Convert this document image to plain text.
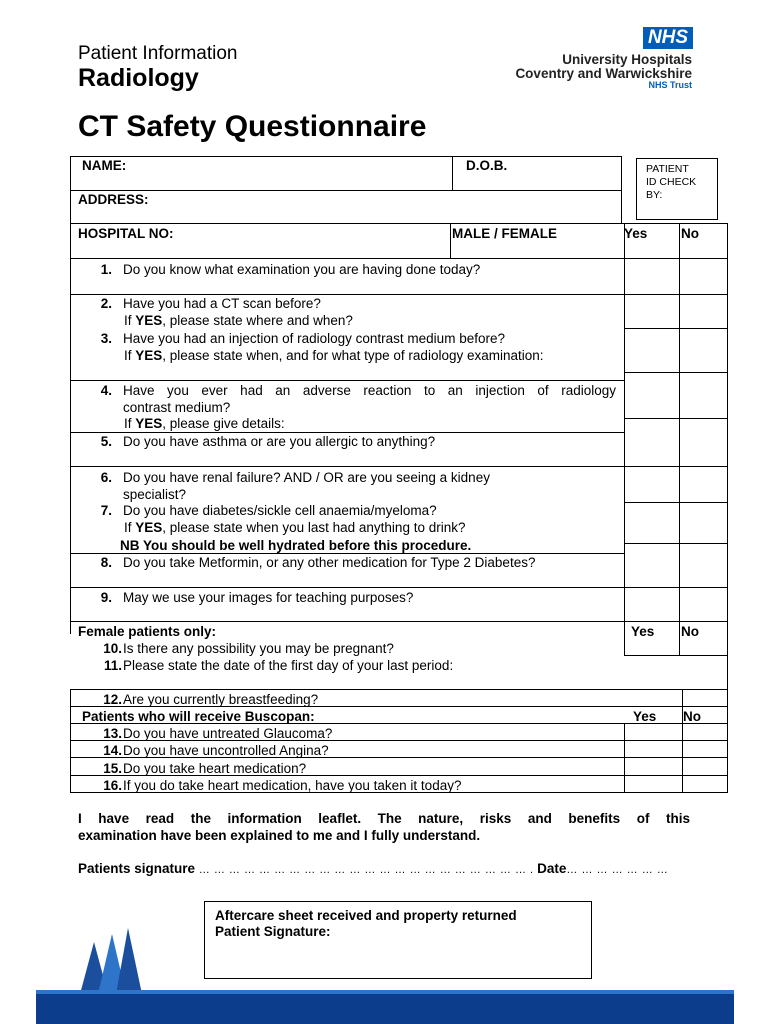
Patient Information
Radiology
CT Safety Questionnaire
NHS
University Hospitals
Coventry and Warwickshire
NHS Trust
PATIENT
ID CHECK
BY:
NAME:	D.O.B.
ADDRESS:
HOSPITAL NO:	MALE / FEMALE	Yes No
1. Do you know what examination you are having done today?
2. Have you had a CT scan before?
If YES, please state where and when?
3. Have you had an injection of radiology contrast medium before?
If YES, please state when, and for what type of radiology examination:
4. Have you ever had an adverse reaction to an injection of radiology
contrast medium?
If YES, please give details:
5. Do you have asthma or are you allergic to anything?
6. Do you have renal failure? AND / OR are you seeing a kidney
specialist?
7. Do you have diabetes/sickle cell anaemia/myeloma?
If YES, please state when you last had anything to drink?
NB You should be well hydrated before this procedure.
8. Do you take Metformin, or any other medication for Type 2 Diabetes?
9. May we use your images for teaching purposes?
Female patients only:	Yes No
10. Is there any possibility you may be pregnant?
11. Please state the date of the first day of your last period:
12. Are you currently breastfeeding?
Patients who will receive Buscopan:	Yes No
13. Do you have untreated Glaucoma?
14. Do you have uncontrolled Angina?
15. Do you take heart medication?
16. If you do take heart medication, have you taken it today?
I have read the information leaflet. The nature, risks and benefits of this
examination have been explained to me and I fully understand.
Patients signature … … … … … … … … … … … … … … … … … … … … … … . Date… … … … … … …
Aftercare sheet received and property returned
Patient Signature:
